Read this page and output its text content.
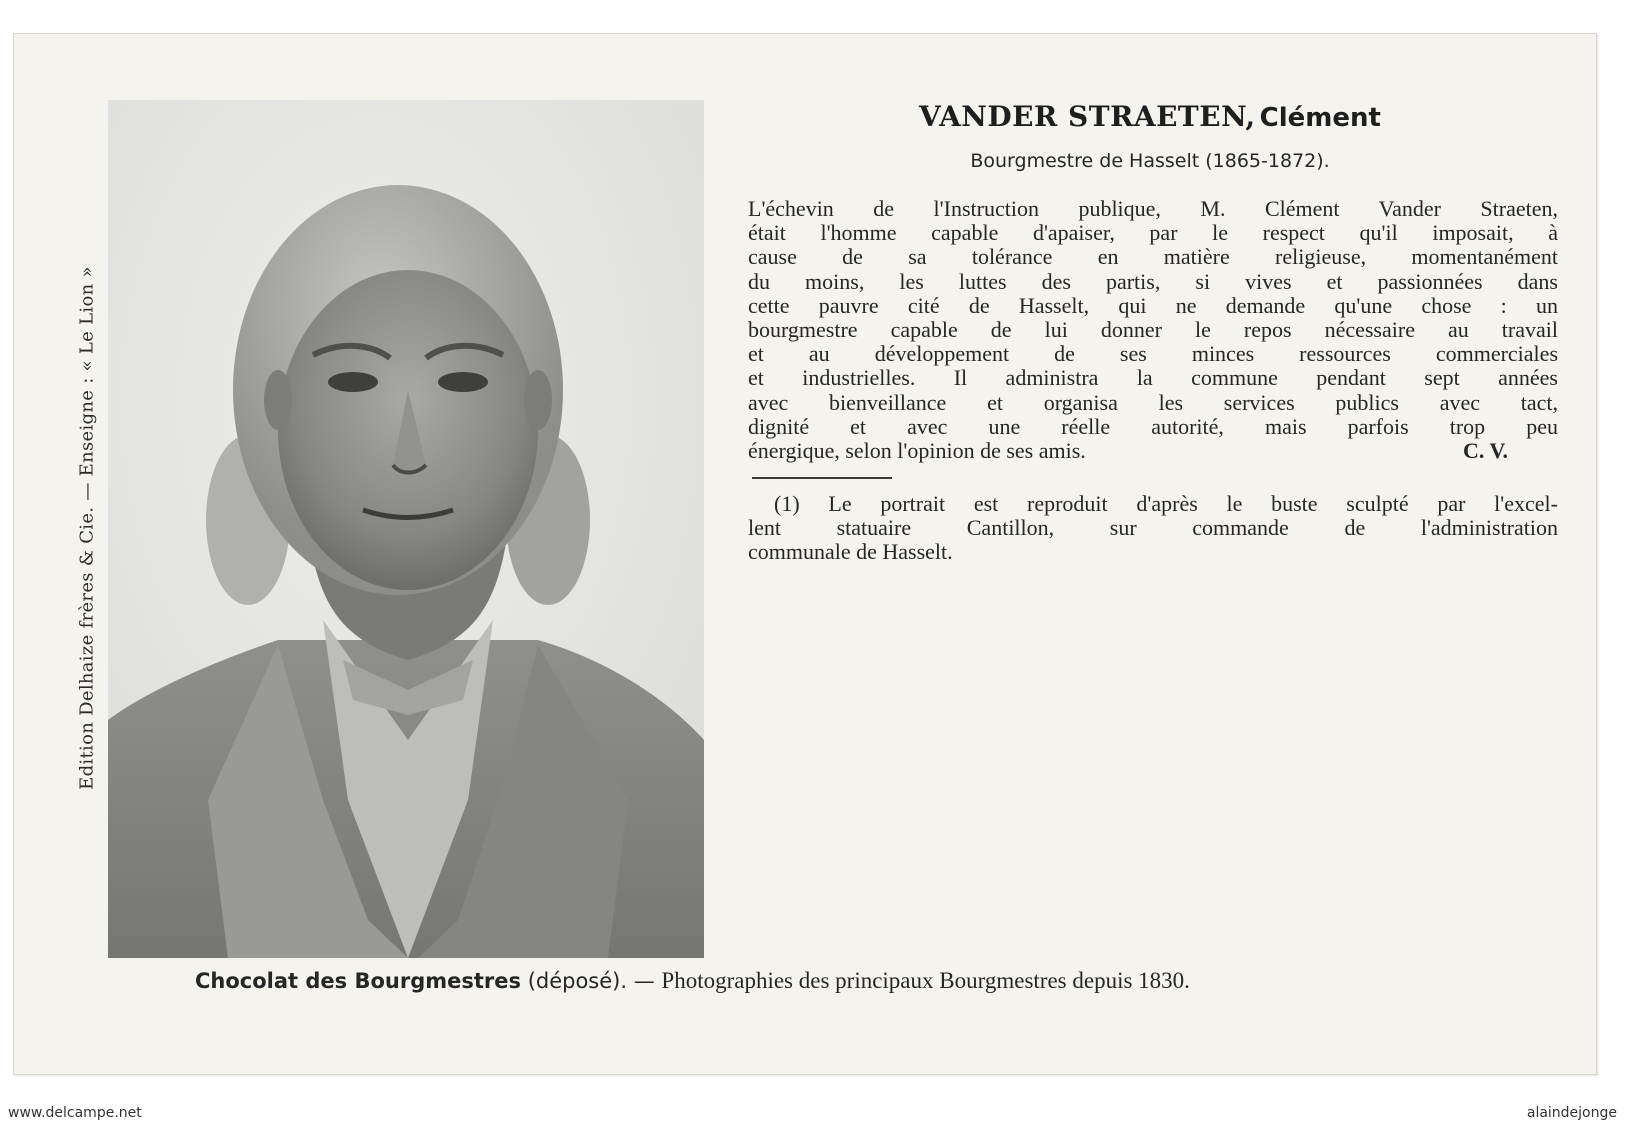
Edition Delhaize frères & Cie. — Enseigne : « Le Lion »
VANDER STRAETEN, Clément
Bourgmestre de Hasselt (1865-1872).
L'échevin de l'Instruction publique, M. Clément Vander Straeten,
était l'homme capable d'apaiser, par le respect qu'il imposait, à
cause de sa tolérance en matière religieuse, momentanément
du moins, les luttes des partis, si vives et passionnées dans
cette pauvre cité de Hasselt, qui ne demande qu'une chose : un
bourgmestre capable de lui donner le repos nécessaire au travail
et au développement de ses minces ressources commerciales
et industrielles. Il administra la commune pendant sept années
avec bienveillance et organisa les services publics avec tact,
dignité et avec une réelle autorité, mais parfois trop peu
énergique, selon l'opinion de ses amis.	C. V.
(1) Le portrait est reproduit d'après le buste sculpté par l'excel-
lent statuaire Cantillon, sur commande de l'administration
communale de Hasselt.
Chocolat des Bourgmestres (déposé). — Photographies des principaux Bourgmestres depuis 1830.
www.delcampe.net	alaindejonge
